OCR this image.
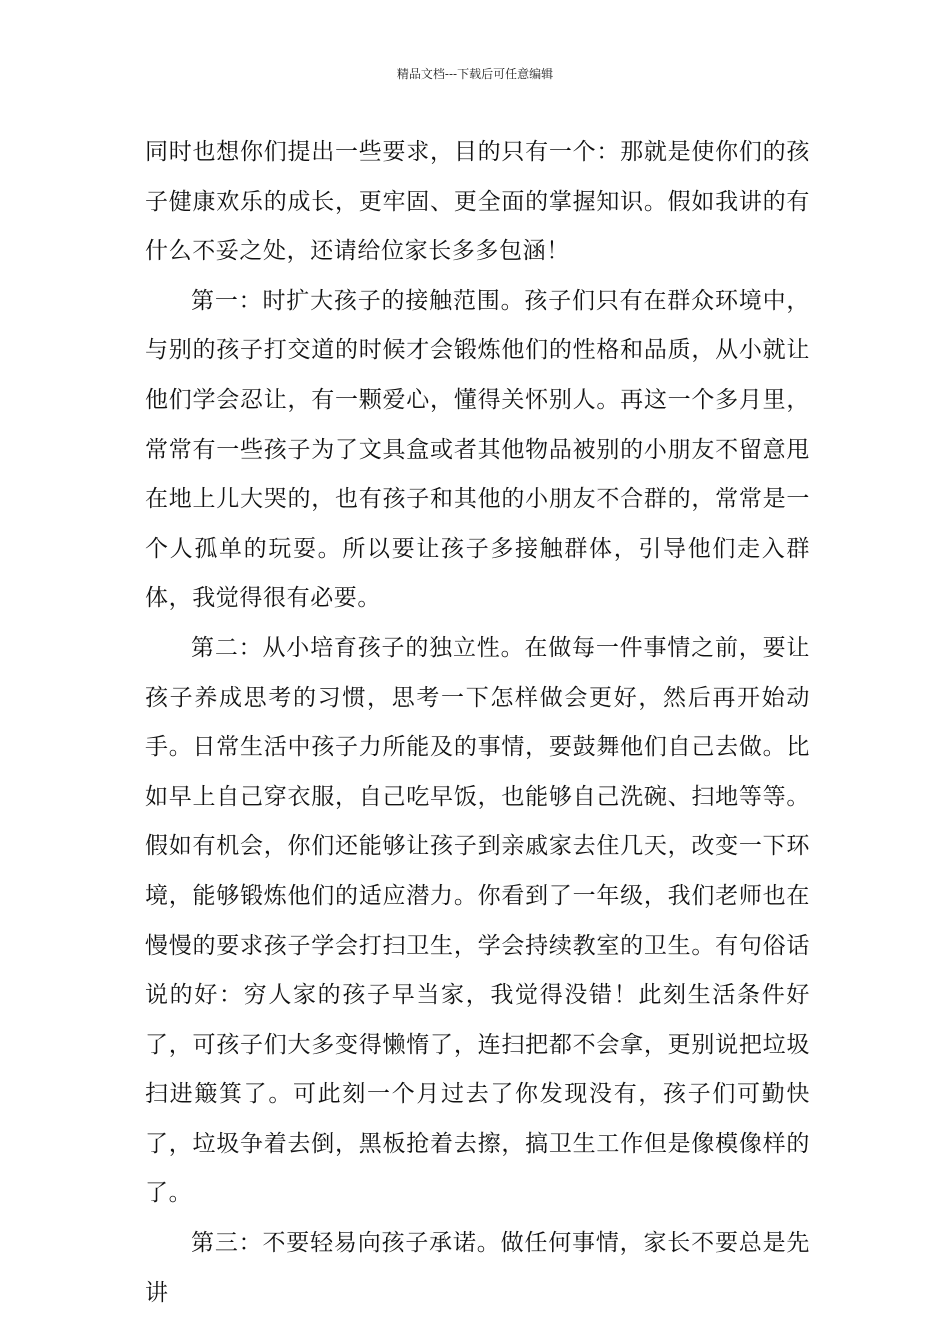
精品文档---下载后可任意编辑

同时也想你们提出一些要求，目的只有一个：那就是使你们的孩子健康欢乐的成长，更牢固、更全面的掌握知识。假如我讲的有什么不妥之处，还请给位家长多多包涵！

第一：时扩大孩子的接触范围。孩子们只有在群众环境中，与别的孩子打交道的时候才会锻炼他们的性格和品质，从小就让他们学会忍让，有一颗爱心，懂得关怀别人。再这一个多月里，常常有一些孩子为了文具盒或者其他物品被别的小朋友不留意甩在地上儿大哭的，也有孩子和其他的小朋友不合群的，常常是一个人孤单的玩耍。所以要让孩子多接触群体，引导他们走入群体，我觉得很有必要。

第二：从小培育孩子的独立性。在做每一件事情之前，要让孩子养成思考的习惯，思考一下怎样做会更好，然后再开始动手。日常生活中孩子力所能及的事情，要鼓舞他们自己去做。比如早上自己穿衣服，自己吃早饭，也能够自己洗碗、扫地等等。假如有机会，你们还能够让孩子到亲戚家去住几天，改变一下环境，能够锻炼他们的适应潜力。你看到了一年级，我们老师也在慢慢的要求孩子学会打扫卫生，学会持续教室的卫生。有句俗话说的好：穷人家的孩子早当家，我觉得没错！此刻生活条件好了，可孩子们大多变得懒惰了，连扫把都不会拿，更别说把垃圾扫进簸箕了。可此刻一个月过去了你发现没有，孩子们可勤快了，垃圾争着去倒，黑板抢着去擦，搞卫生工作但是像模像样的了。

第三：不要轻易向孩子承诺。做任何事情，家长不要总是先讲
